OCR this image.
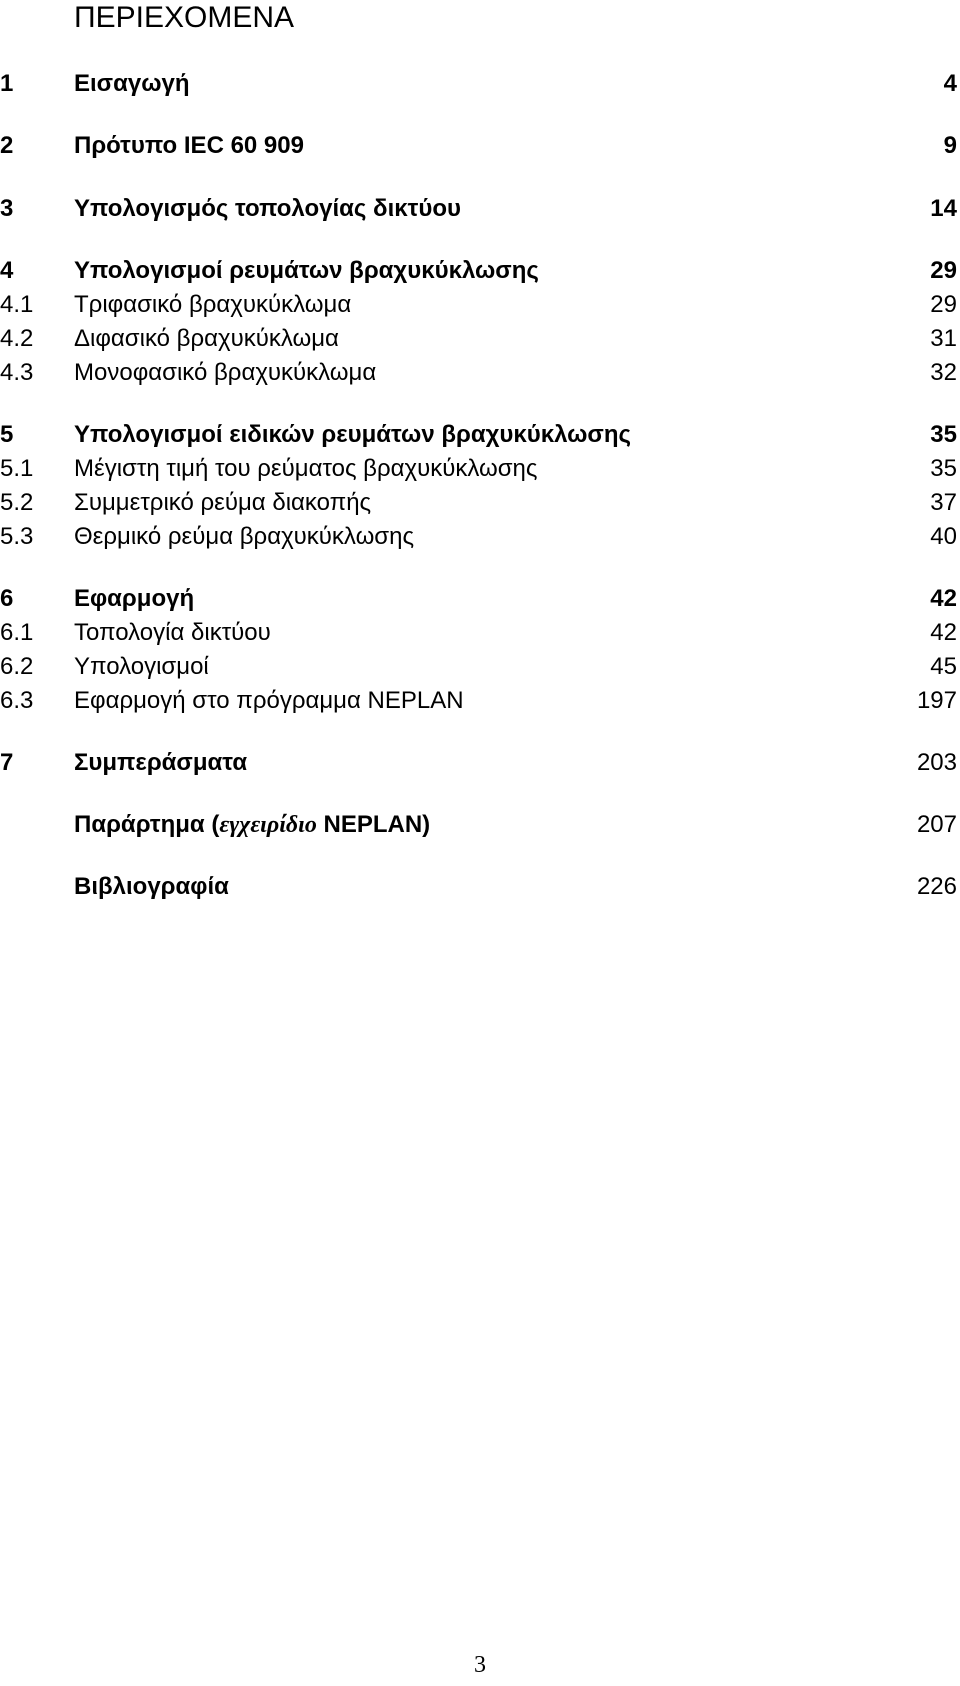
ΠΕΡΙΕΧΟΜΕΝΑ
1	Εισαγωγή	4
2	Πρότυπο IEC 60 909	9
3	Υπολογισμός τοπολογίας δικτύου	14
4	Υπολογισμοί ρευμάτων βραχυκύκλωσης	29
4.1 Τριφασικό βραχυκύκλωμα	29
4.2 Διφασικό βραχυκύκλωμα	31
4.3 Μονοφασικό βραχυκύκλωμα	32
5	Υπολογισμοί ειδικών ρευμάτων βραχυκύκλωσης	35
5.1 Μέγιστη τιμή του ρεύματος βραχυκύκλωσης	35
5.2 Συμμετρικό ρεύμα διακοπής	37
5.3 Θερμικό ρεύμα βραχυκύκλωσης	40
6	Εφαρμογή	42
6.1 Τοπολογία δικτύου	42
6.2 Υπολογισμοί	45
6.3 Εφαρμογή στο πρόγραμμα NEPLAN	197
7	Συμπεράσματα	203
Παράρτημα (εγχειρίδιο NEPLAN)	207
Βιβλιογραφία	226
3
